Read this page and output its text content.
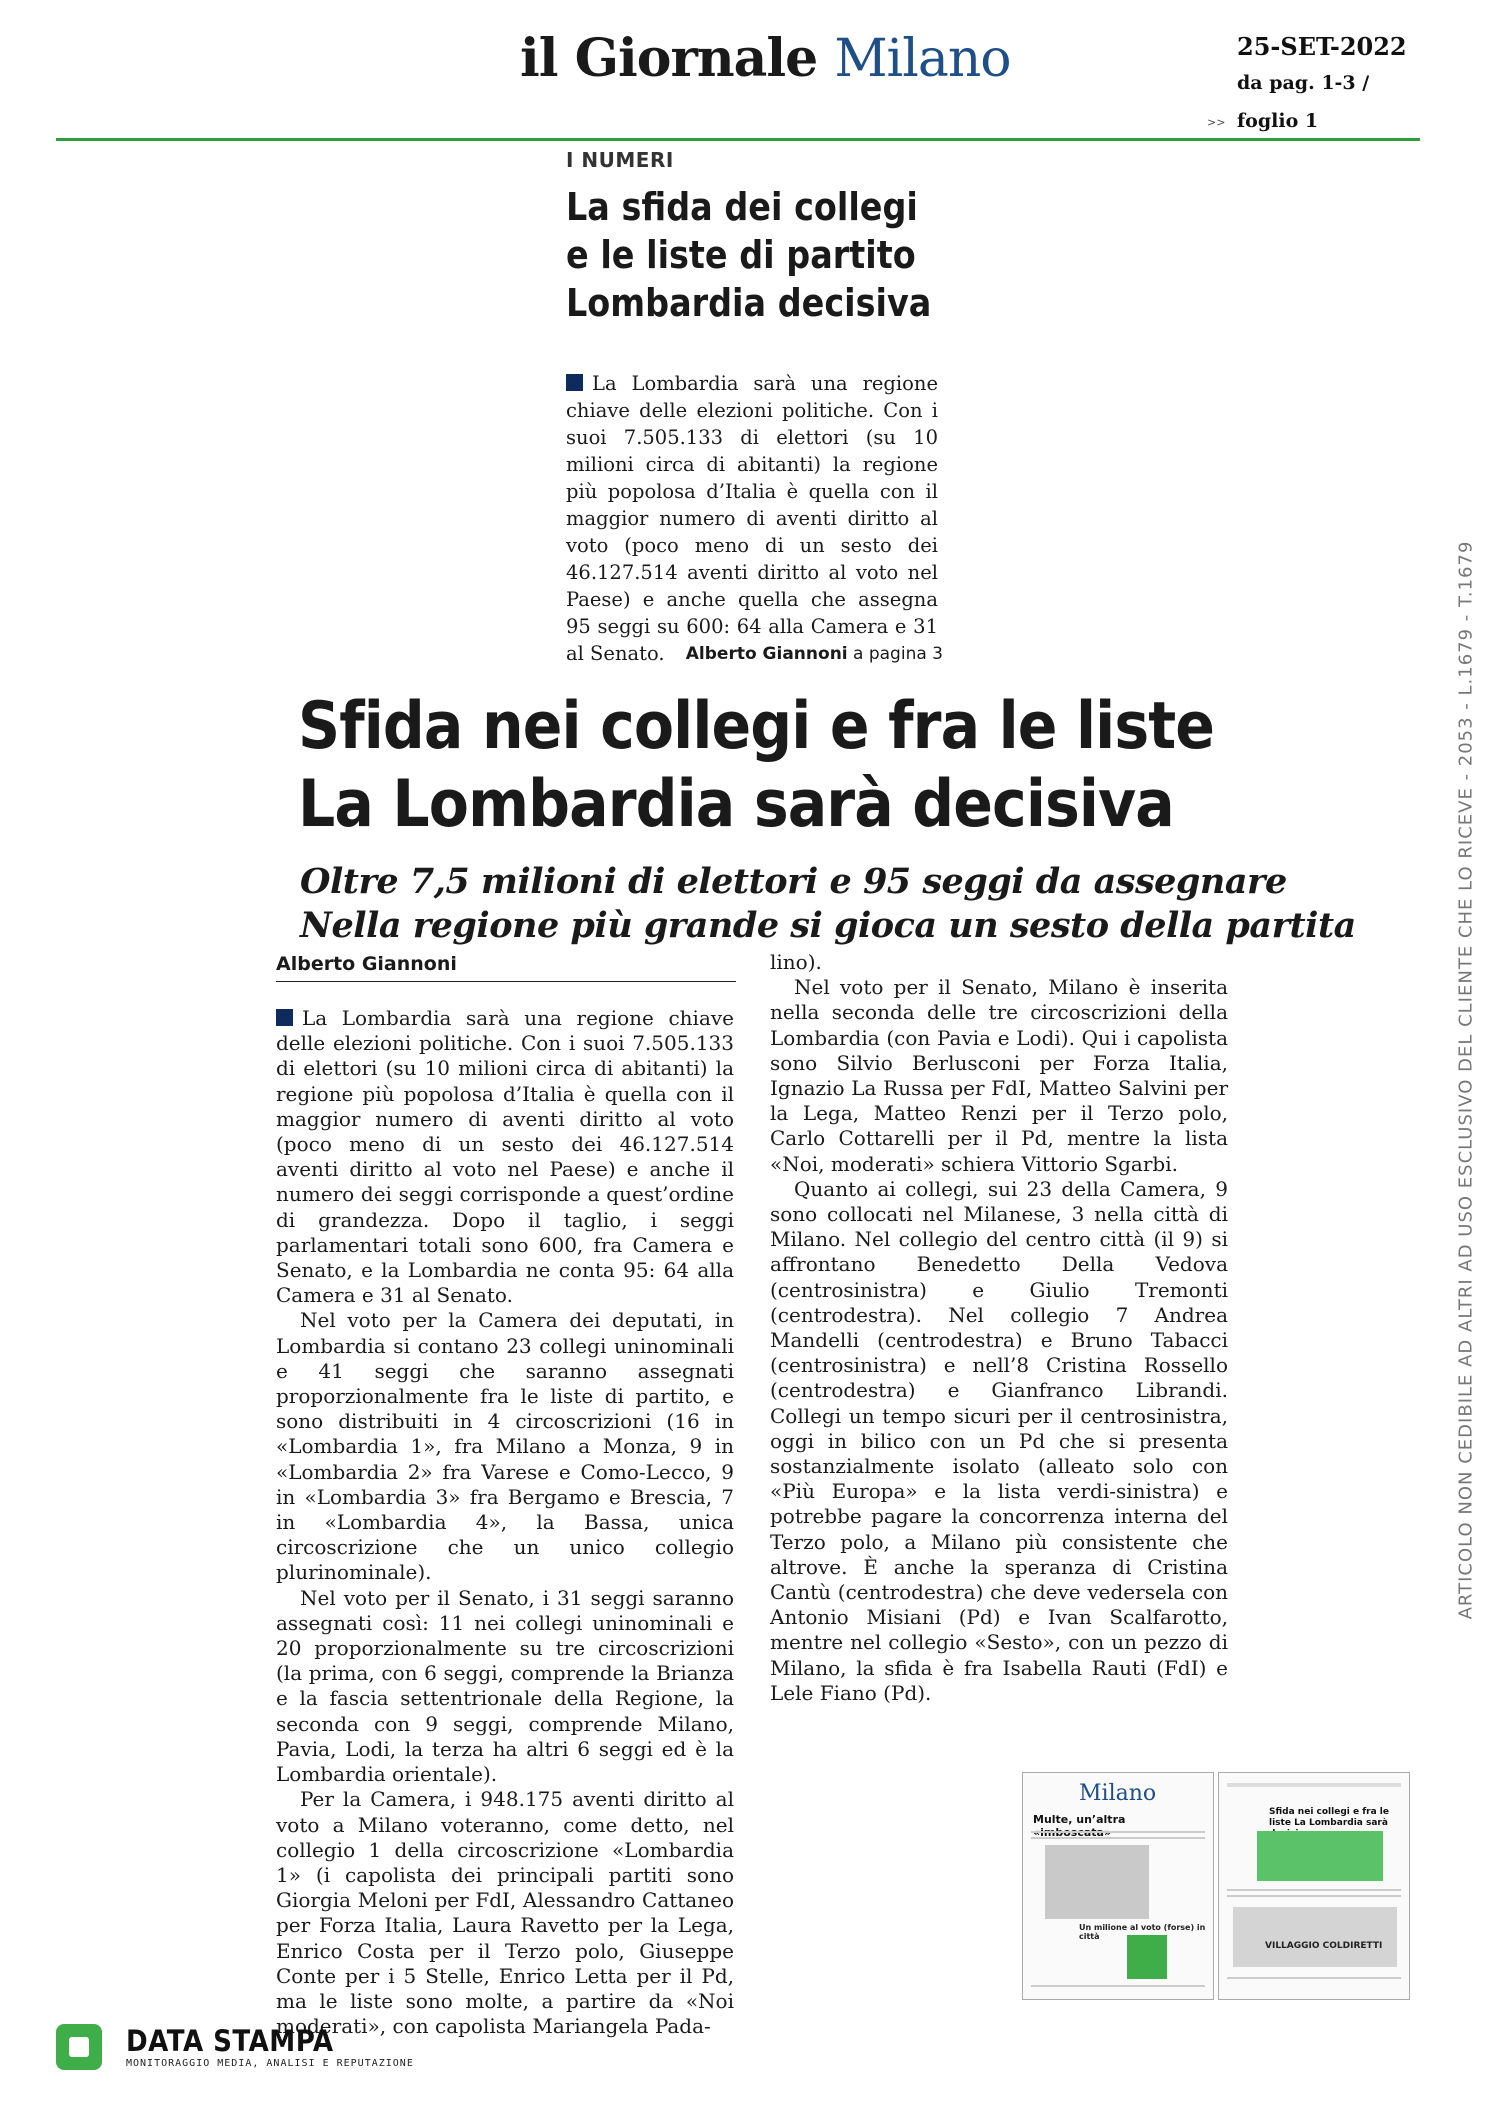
il Giornale Milano	25-SET-2022
da pag. 1-3 /
>> foglio 1
I NUMERI
La sfida dei collegi e le liste di partito Lombardia decisiva
La Lombardia sarà una regione chiave delle elezioni politiche. Con i suoi 7.505.133 di elettori (su 10 milioni circa di abitanti) la regione più popolosa d’Italia è quella con il maggior numero di aventi diritto al voto (poco meno di un sesto dei 46.127.514 aventi diritto al voto nel Paese) e anche quella che assegna 95 seggi su 600: 64 alla Camera e 31 al Senato.	Alberto Giannoni a pagina 3
Sfida nei collegi e fra le liste
La Lombardia sarà decisiva
Oltre 7,5 milioni di elettori e 95 seggi da assegnare
Nella regione più grande si gioca un sesto della partita
Alberto Giannoni

La Lombardia sarà una regione chiave delle elezioni politiche. Con i suoi 7.505.133 di elettori (su 10 milioni circa di abitanti) la regione più popolosa d’Italia è quella con il maggior numero di aventi diritto al voto (poco meno di un sesto dei 46.127.514 aventi diritto al voto nel Paese) e anche il numero dei seggi corrisponde a quest’ordine di grandezza. Dopo il taglio, i seggi parlamentari totali sono 600, fra Camera e Senato, e la Lombardia ne conta 95: 64 alla Camera e 31 al Senato.

Nel voto per la Camera dei deputati, in Lombardia si contano 23 collegi uninominali e 41 seggi che saranno assegnati proporzionalmente fra le liste di partito, e sono distribuiti in 4 circoscrizioni (16 in «Lombardia 1», fra Milano a Monza, 9 in «Lombardia 2» fra Varese e Como-Lecco, 9 in «Lombardia 3» fra Bergamo e Brescia, 7 in «Lombardia 4», la Bassa, unica circoscrizione che un unico collegio plurinominale).

Nel voto per il Senato, i 31 seggi saranno assegnati così: 11 nei collegi uninominali e 20 proporzionalmente su tre circoscrizioni (la prima, con 6 seggi, comprende la Brianza e la fascia settentrionale della Regione, la seconda con 9 seggi, comprende Milano, Pavia, Lodi, la terza ha altri 6 seggi ed è la Lombardia orientale).

Per la Camera, i 948.175 aventi diritto al voto a Milano voteranno, come detto, nel collegio 1 della circoscrizione «Lombardia 1» (i capolista dei principali partiti sono Giorgia Meloni per FdI, Alessandro Cattaneo per Forza Italia, Laura Ravetto per la Lega, Enrico Costa per il Terzo polo, Giuseppe Conte per i 5 Stelle, Enrico Letta per il Pd, ma le liste sono molte, a partire da «Noi moderati», con capolista Mariangela Pada-

lino).

Nel voto per il Senato, Milano è inserita nella seconda delle tre circoscrizioni della Lombardia (con Pavia e Lodi). Qui i capolista sono Silvio Berlusconi per Forza Italia, Ignazio La Russa per FdI, Matteo Salvini per la Lega, Matteo Renzi per il Terzo polo, Carlo Cottarelli per il Pd, mentre la lista «Noi, moderati» schiera Vittorio Sgarbi.

Quanto ai collegi, sui 23 della Camera, 9 sono collocati nel Milanese, 3 nella città di Milano. Nel collegio del centro città (il 9) si affrontano Benedetto Della Vedova (centrosinistra) e Giulio Tremonti (centrodestra). Nel collegio 7 Andrea Mandelli (centrodestra) e Bruno Tabacci (centrosinistra) e nell’8 Cristina Rossello (centrodestra) e Gianfranco Librandi. Collegi un tempo sicuri per il centrosinistra, oggi in bilico con un Pd che si presenta sostanzialmente isolato (alleato solo con «Più Europa» e la lista verdi-sinistra) e potrebbe pagare la concorrenza interna del Terzo polo, a Milano più consistente che altrove. È anche la speranza di Cristina Cantù (centrodestra) che deve vedersela con Antonio Misiani (Pd) e Ivan Scalfarotto, mentre nel collegio «Sesto», con un pezzo di Milano, la sfida è fra Isabella Rauti (FdI) e Lele Fiano (Pd).

ARTICOLO NON CEDIBILE AD ALTRI AD USO ESCLUSIVO DEL CLIENTE CHE LO RICEVE - 2053 - L.1679 - T.1679
Milano
Multe, un’altra
Un milione al voto (forse) in città
Sfida nei collegi e fra le liste La Lombardia sarà
VILLAGGIO COLDIRETTI
DATA STAMPA
MONITORAGGIO MEDIA, ANALISI E REPUTAZIONE
